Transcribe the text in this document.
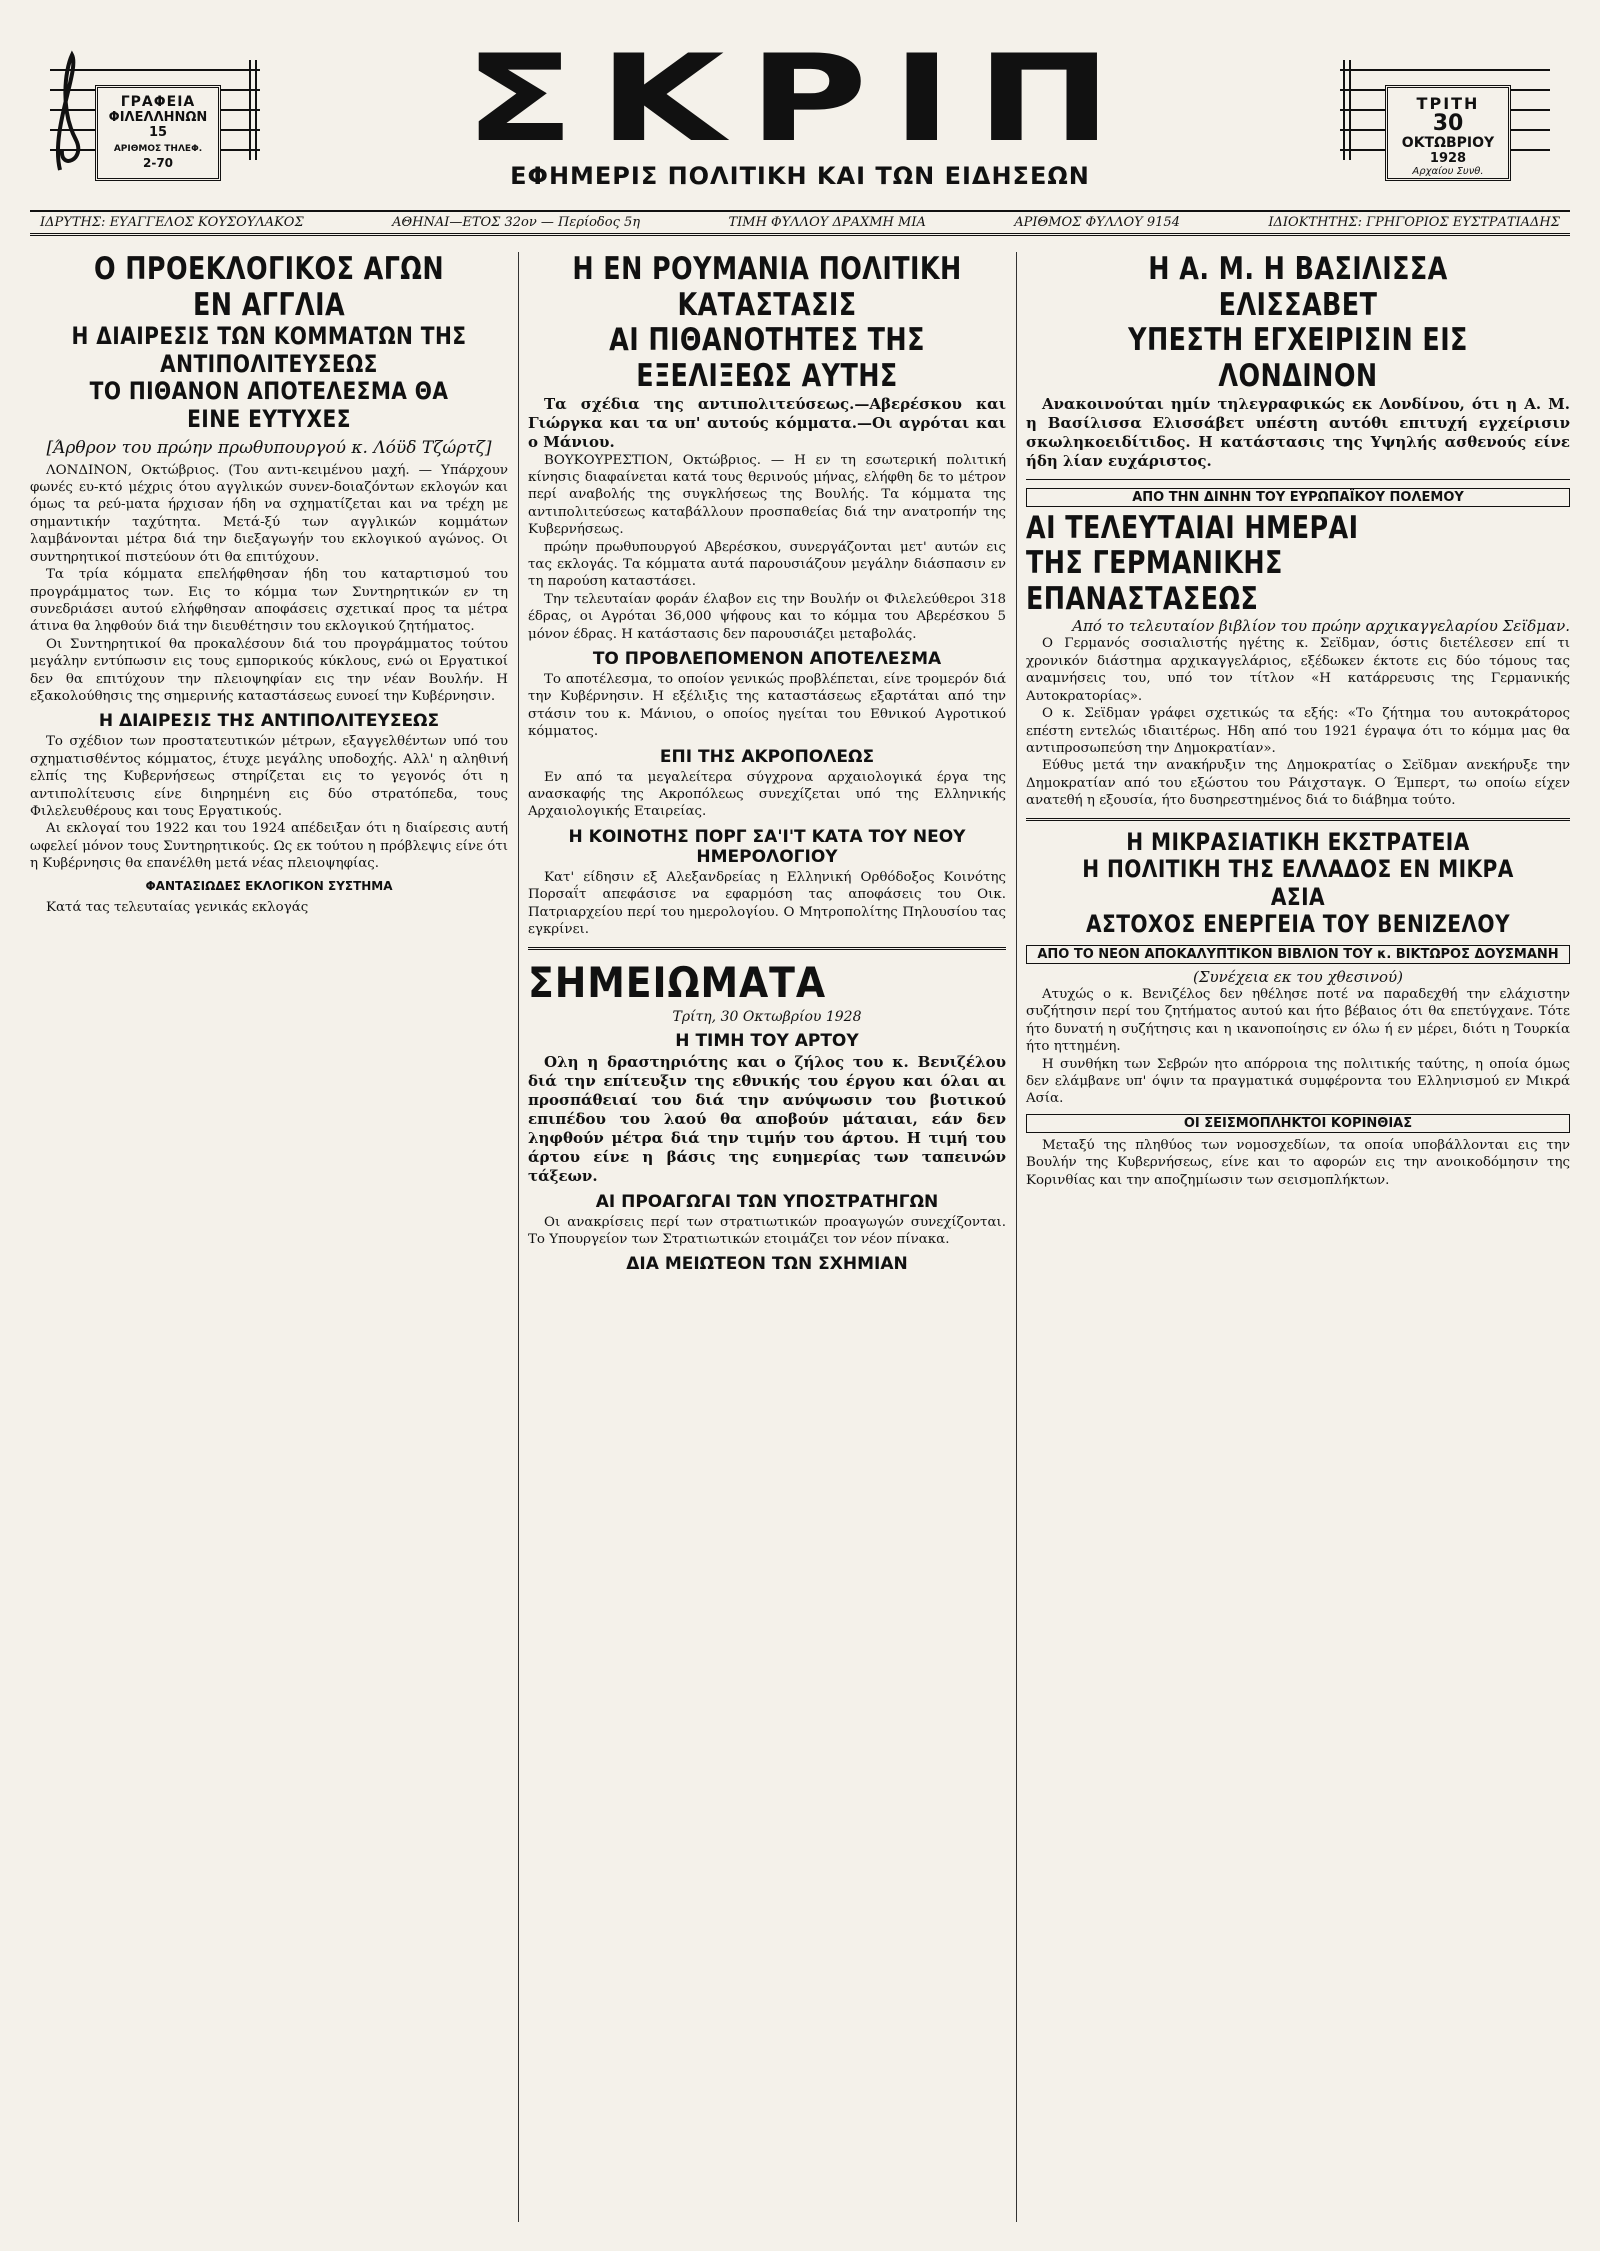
ΓΡΑΦΕΙΑ
ΦΙΛΕΛΛΗΝΩΝ 15
ΑΡΙΘΜΟΣ ΤΗΛΕΦ.
2-70	ΣΚΡΙΠ
ΕΦΗΜΕΡΙΣ ΠΟΛΙΤΙΚΗ ΚΑΙ ΤΩΝ ΕΙΔΗΣΕΩΝ
ΤΡΙΤΗ
30
ΟΚΤΩΒΡΙΟΥ
1928
Αρχαίου Συνθ.
ΙΔΡΥΤΗΣ: ΕΥΑΓΓΕΛΟΣ ΚΟΥΣΟΥΛΑΚΟΣ	ΑΘΗΝΑΙ—ΕΤΟΣ 32ον — Περίοδος 5η	ΤΙΜΗ ΦΥΛΛΟΥ ΔΡΑΧΜΗ ΜΙΑ	ΑΡΙΘΜΟΣ ΦΥΛΛΟΥ 9154	ΙΔΙΟΚΤΗΤΗΣ: ΓΡΗΓΟΡΙΟΣ ΕΥΣΤΡΑΤΙΑΔΗΣ
Ο ΠΡΟΕΚΛΟΓΙΚΟΣ ΑΓΩΝ ΕΝ ΑΓΓΛΙΑ
Η ΔΙΑΙΡΕΣΙΣ ΤΩΝ ΚΟΜΜΑΤΩΝ ΤΗΣ ΑΝΤΙΠΟΛΙΤΕΥΣΕΩΣ
ΤΟ ΠΙΘΑΝΟΝ ΑΠΟΤΕΛΕΣΜΑ ΘΑ ΕΙΝΕ ΕΥΤΥΧΕΣ
[Άρθρον του πρώην πρωθυπουργού κ. Λόϋδ Τζώρτζ]

ΛΟΝΔΙΝΟΝ, Οκτώβριος. (Του αντι-κειμένου μαχή. — Υπάρχουν φωνές ευ-κτό μέχρις ότου αγγλικών συνεν-δοιαζόντων εκλογών και όμως τα ρεύ-ματα ήρχισαν ήδη να σχηματίζεται και να τρέχη με σημαντικήν ταχύτητα. Μετά-ξύ των αγγλικών κομμάτων λαμβάνονται μέτρα διά την διεξαγωγήν του εκλογικού αγώνος. Οι συντηρητικοί πιστεύουν ότι θα επιτύχουν.

Τα τρία κόμματα επελήφθησαν ήδη του καταρτισμού του προγράμματος των. Εις το κόμμα των Συντηρητικών εν τη συνεδριάσει αυτού ελήφθησαν αποφάσεις σχετικαί προς τα μέτρα άτινα θα ληφθούν διά την διευθέτησιν του εκλογικού ζητήματος.

Οι Συντηρητικοί θα προκαλέσουν διά του προγράμματος τούτου μεγάλην εντύπωσιν εις τους εμπορικούς κύκλους, ενώ οι Εργατικοί δεν θα επιτύχουν την πλειοψηφίαν εις την νέαν Βουλήν. Η εξακολούθησις της σημερινής καταστάσεως ευνοεί την Κυβέρνησιν.

Η ΔΙΑΙΡΕΣΙΣ ΤΗΣ ΑΝΤΙΠΟΛΙΤΕΥΣΕΩΣ

Το σχέδιον των προστατευτικών μέτρων, εξαγγελθέντων υπό του σχηματισθέντος κόμματος, έτυχε μεγάλης υποδοχής. Αλλ' η αληθινή ελπίς της Κυβερνήσεως στηρίζεται εις το γεγονός ότι η αντιπολίτευσις είνε διηρημένη εις δύο στρατόπεδα, τους Φιλελευθέρους και τους Εργατικούς.

Αι εκλογαί του 1922 και του 1924 απέδειξαν ότι η διαίρεσις αυτή ωφελεί μόνον τους Συντηρητικούς. Ως εκ τούτου η πρόβλεψις είνε ότι η Κυβέρνησις θα επανέλθη μετά νέας πλειοψηφίας.

ΦΑΝΤΑΣΙΩΔΕΣ ΕΚΛΟΓΙΚΟΝ ΣΥΣΤΗΜΑ

Κατά τας τελευταίας γενικάς εκλογάς

Η ΕΝ ΡΟΥΜΑΝΙΑ ΠΟΛΙΤΙΚΗ ΚΑΤΑΣΤΑΣΙΣ
ΑΙ ΠΙΘΑΝΟΤΗΤΕΣ ΤΗΣ ΕΞΕΛΙΞΕΩΣ ΑΥΤΗΣ

Τα σχέδια της αντιπολιτεύσεως.—Αβερέσκου και Γιώργκα και τα υπ' αυτούς κόμματα.—Οι αγρόται και ο Μάνιου.

ΒΟΥΚΟΥΡΕΣΤΙΟΝ, Οκτώβριος. — Η εν τη εσωτερική πολιτική κίνησις διαφαίνεται κατά τους θερινούς μήνας, ελήφθη δε το μέτρον περί αναβολής της συγκλήσεως της Βουλής. Τα κόμματα της αντιπολιτεύσεως καταβάλλουν προσπαθείας διά την ανατροπήν της Κυβερνήσεως.

πρώην πρωθυπουργού Αβερέσκου, συνεργάζονται μετ' αυτών εις τας εκλογάς. Τα κόμματα αυτά παρουσιάζουν μεγάλην διάσπασιν εν τη παρούση καταστάσει.

Την τελευταίαν φοράν έλαβον εις την Βουλήν οι Φιλελεύθεροι 318 έδρας, οι Αγρόται 36,000 ψήφους και το κόμμα του Αβερέσκου 5 μόνον έδρας. Η κατάστασις δεν παρουσιάζει μεταβολάς.

ΤΟ ΠΡΟΒΛΕΠΟΜΕΝΟΝ ΑΠΟΤΕΛΕΣΜΑ

Το αποτέλεσμα, το οποίον γενικώς προβλέπεται, είνε τρομερόν διά την Κυβέρνησιν. Η εξέλιξις της καταστάσεως εξαρτάται από την στάσιν του κ. Μάνιου, ο οποίος ηγείται του Εθνικού Αγροτικού κόμματος.

ΕΠΙ ΤΗΣ ΑΚΡΟΠΟΛΕΩΣ

Εν από τα μεγαλείτερα σύγχρονα αρχαιολογικά έργα της ανασκαφής της Ακροπόλεως συνεχίζεται υπό της Ελληνικής Αρχαιολογικής Εταιρείας.

Η ΚΟΙΝΟΤΗΣ ΠΟΡΓ ΣΑ'Ι'Τ ΚΑΤΑ ΤΟΥ ΝΕΟΥ ΗΜΕΡΟΛΟΓΙΟΥ

Κατ' είδησιν εξ Αλεξανδρείας η Ελληνική Ορθόδοξος Κοινότης Πορσαΐτ απεφάσισε να εφαρμόση τας αποφάσεις του Οικ. Πατριαρχείου περί του ημερολογίου. Ο Μητροπολίτης Πηλουσίου τας εγκρίνει.

ΣΗΜΕΙΩΜΑΤΑ
Τρίτη, 30 Οκτωβρίου 1928
Η ΤΙΜΗ ΤΟΥ ΑΡΤΟΥ

Ολη η δραστηριότης και ο ζήλος του κ. Βενιζέλου διά την επίτευξιν της εθνικής του έργου και όλαι αι προσπάθειαί του διά την ανύψωσιν του βιοτικού επιπέδου του λαού θα αποβούν μάταιαι, εάν δεν ληφθούν μέτρα διά την τιμήν του άρτου. Η τιμή του άρτου είνε η βάσις της ευημερίας των ταπεινών τάξεων.

ΑΙ ΠΡΟΑΓΩΓΑΙ ΤΩΝ ΥΠΟΣΤΡΑΤΗΓΩΝ

Οι ανακρίσεις περί των στρατιωτικών προαγωγών συνεχίζονται. Το Υπουργείον των Στρατιωτικών ετοιμάζει τον νέον πίνακα.

ΔΙΑ ΜΕΙΩΤΕΟΝ ΤΩΝ ΣΧΗΜΙΑΝ
Η Α. Μ. Η ΒΑΣΙΛΙΣΣΑ ΕΛΙΣΣΑΒΕΤ
ΥΠΕΣΤΗ ΕΓΧΕΙΡΙΣΙΝ ΕΙΣ ΛΟΝΔΙΝΟΝ

Ανακοινούται ημίν τηλεγραφικώς εκ Λονδίνου, ότι η Α. Μ. η Βασίλισσα Ελισσάβετ υπέστη αυτόθι επιτυχή εγχείρισιν σκωληκοειδίτιδος. Η κατάστασις της Υψηλής ασθενούς είνε ήδη λίαν ευχάριστος.

ΑΠΟ ΤΗΝ ΔΙΝΗΝ ΤΟΥ ΕΥΡΩΠΑΪΚΟΥ ΠΟΛΕΜΟΥ
ΑΙ ΤΕΛΕΥΤΑΙΑΙ ΗΜΕΡΑΙ
ΤΗΣ ΓΕΡΜΑΝΙΚΗΣ ΕΠΑΝΑΣΤΑΣΕΩΣ
Από το τελευταίον βιβλίον του πρώην αρχικαγγελαρίου Σεϊδμαν.

Ο Γερμανός σοσιαλιστής ηγέτης κ. Σεϊδμαν, όστις διετέλεσεν επί τι χρονικόν διάστημα αρχικαγγελάριος, εξέδωκεν έκτοτε εις δύο τόμους τας αναμνήσεις του, υπό τον τίτλον «Η κατάρρευσις της Γερμανικής Αυτοκρατορίας».

Ο κ. Σεϊδμαν γράφει σχετικώς τα εξής: «Το ζήτημα του αυτοκράτορος επέστη εντελώς ιδιαιτέρως. Ηδη από του 1921 έγραψα ότι το κόμμα μας θα αντιπροσωπεύση την Δημοκρατίαν».

Εύθυς μετά την ανακήρυξιν της Δημοκρατίας ο Σεϊδμαν ανεκήρυξε την Δημοκρατίαν από του εξώστου του Ράιχσταγκ. Ο Έμπερτ, τω οποίω είχεν ανατεθή η εξουσία, ήτο δυσηρεστημένος διά το διάβημα τούτο.

Η ΜΙΚΡΑΣΙΑΤΙΚΗ ΕΚΣΤΡΑΤΕΙΑ
Η ΠΟΛΙΤΙΚΗ ΤΗΣ ΕΛΛΑΔΟΣ ΕΝ ΜΙΚΡΑ ΑΣΙΑ
ΑΣΤΟΧΟΣ ΕΝΕΡΓΕΙΑ ΤΟΥ ΒΕΝΙΖΕΛΟΥ
ΑΠΟ ΤΟ ΝΕΟΝ ΑΠΟΚΑΛΥΠΤΙΚΟΝ ΒΙΒΛΙΟΝ ΤΟΥ κ. ΒΙΚΤΩΡΟΣ ΔΟΥΣΜΑΝΗ
(Συνέχεια εκ του χθεσινού)

Ατυχώς ο κ. Βενιζέλος δεν ηθέλησε ποτέ να παραδεχθή την ελάχιστην συζήτησιν περί του ζητήματος αυτού και ήτο βέβαιος ότι θα επετύγχανε. Τότε ήτο δυνατή η συζήτησις και η ικανοποίησις εν όλω ή εν μέρει, διότι η Τουρκία ήτο ηττημένη.

Η συνθήκη των Σεβρών ητο απόρροια της πολιτικής ταύτης, η οποία όμως δεν ελάμβανε υπ' όψιν τα πραγματικά συμφέροντα του Ελληνισμού εν Μικρά Ασία.

ΟΙ ΣΕΙΣΜΟΠΛΗΚΤΟΙ ΚΟΡΙΝΘΙΑΣ

Μεταξύ της πληθύος των νομοσχεδίων, τα οποία υποβάλλονται εις την Βουλήν της Κυβερνήσεως, είνε και το αφορών εις την ανοικοδόμησιν της Κορινθίας και την αποζημίωσιν των σεισμοπλήκτων.
